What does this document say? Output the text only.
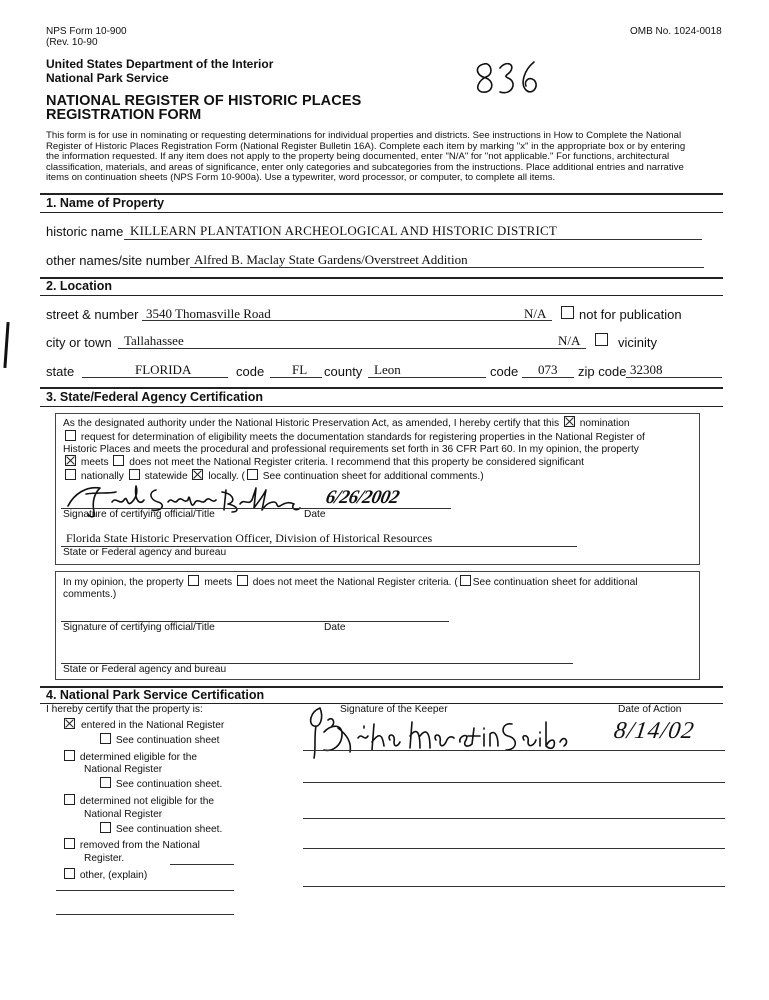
NPS Form 10-900
(Rev. 10-90
OMB No. 1024-0018
United States Department of the Interior
National Park Service
NATIONAL REGISTER OF HISTORIC PLACES
REGISTRATION FORM
This form is for use in nominating or requesting determinations for individual properties and districts. See instructions in How to Complete the National
Register of Historic Places Registration Form (National Register Bulletin 16A). Complete each item by marking "x" in the appropriate box or by entering
the information requested. If any item does not apply to the property being documented, enter "N/A" for "not applicable." For functions, architectural
classification, materials, and areas of significance, enter only categories and subcategories from the instructions. Place additional entries and narrative
items on continuation sheets (NPS Form 10-900a). Use a typewriter, word processor, or computer, to complete all items.
1. Name of Property
historic name KILLEARN PLANTATION ARCHEOLOGICAL AND HISTORIC DISTRICT
other names/site number Alfred B. Maclay State Gardens/Overstreet Addition
2. Location
street & number 3540 Thomasville Road	N/A	not for publication
city or town Tallahassee	N/A	vicinity
state	FLORIDA	code FL county Leon	code 073 zip code 32308
3. State/Federal Agency Certification
As the designated authority under the National Historic Preservation Act, as amended, I hereby certify that this nomination
request for determination of eligibility meets the documentation standards for registering properties in the National Register of
Historic Places and meets the procedural and professional requirements set forth in 36 CFR Part 60. In my opinion, the property
meets does not meet the National Register criteria. I recommend that this property be considered significant
nationally statewide locally. ( See continuation sheet for additional comments.)
6/26/2002
Signature of certifying official/Title	Date
Florida State Historic Preservation Officer, Division of Historical Resources
State or Federal agency and bureau
In my opinion, the property meets does not meet the National Register criteria. ( See continuation sheet for additional
comments.)
Signature of certifying official/Title	Date
State or Federal agency and bureau
4. National Park Service Certification
I hereby certify that the property is:	Signature of the Keeper	Date of Action
entered in the National Register
See continuation sheet
determined eligible for the
National Register
See continuation sheet.
determined not eligible for the
National Register
See continuation sheet.
removed from the National
Register.
other, (explain)
8/14/02
